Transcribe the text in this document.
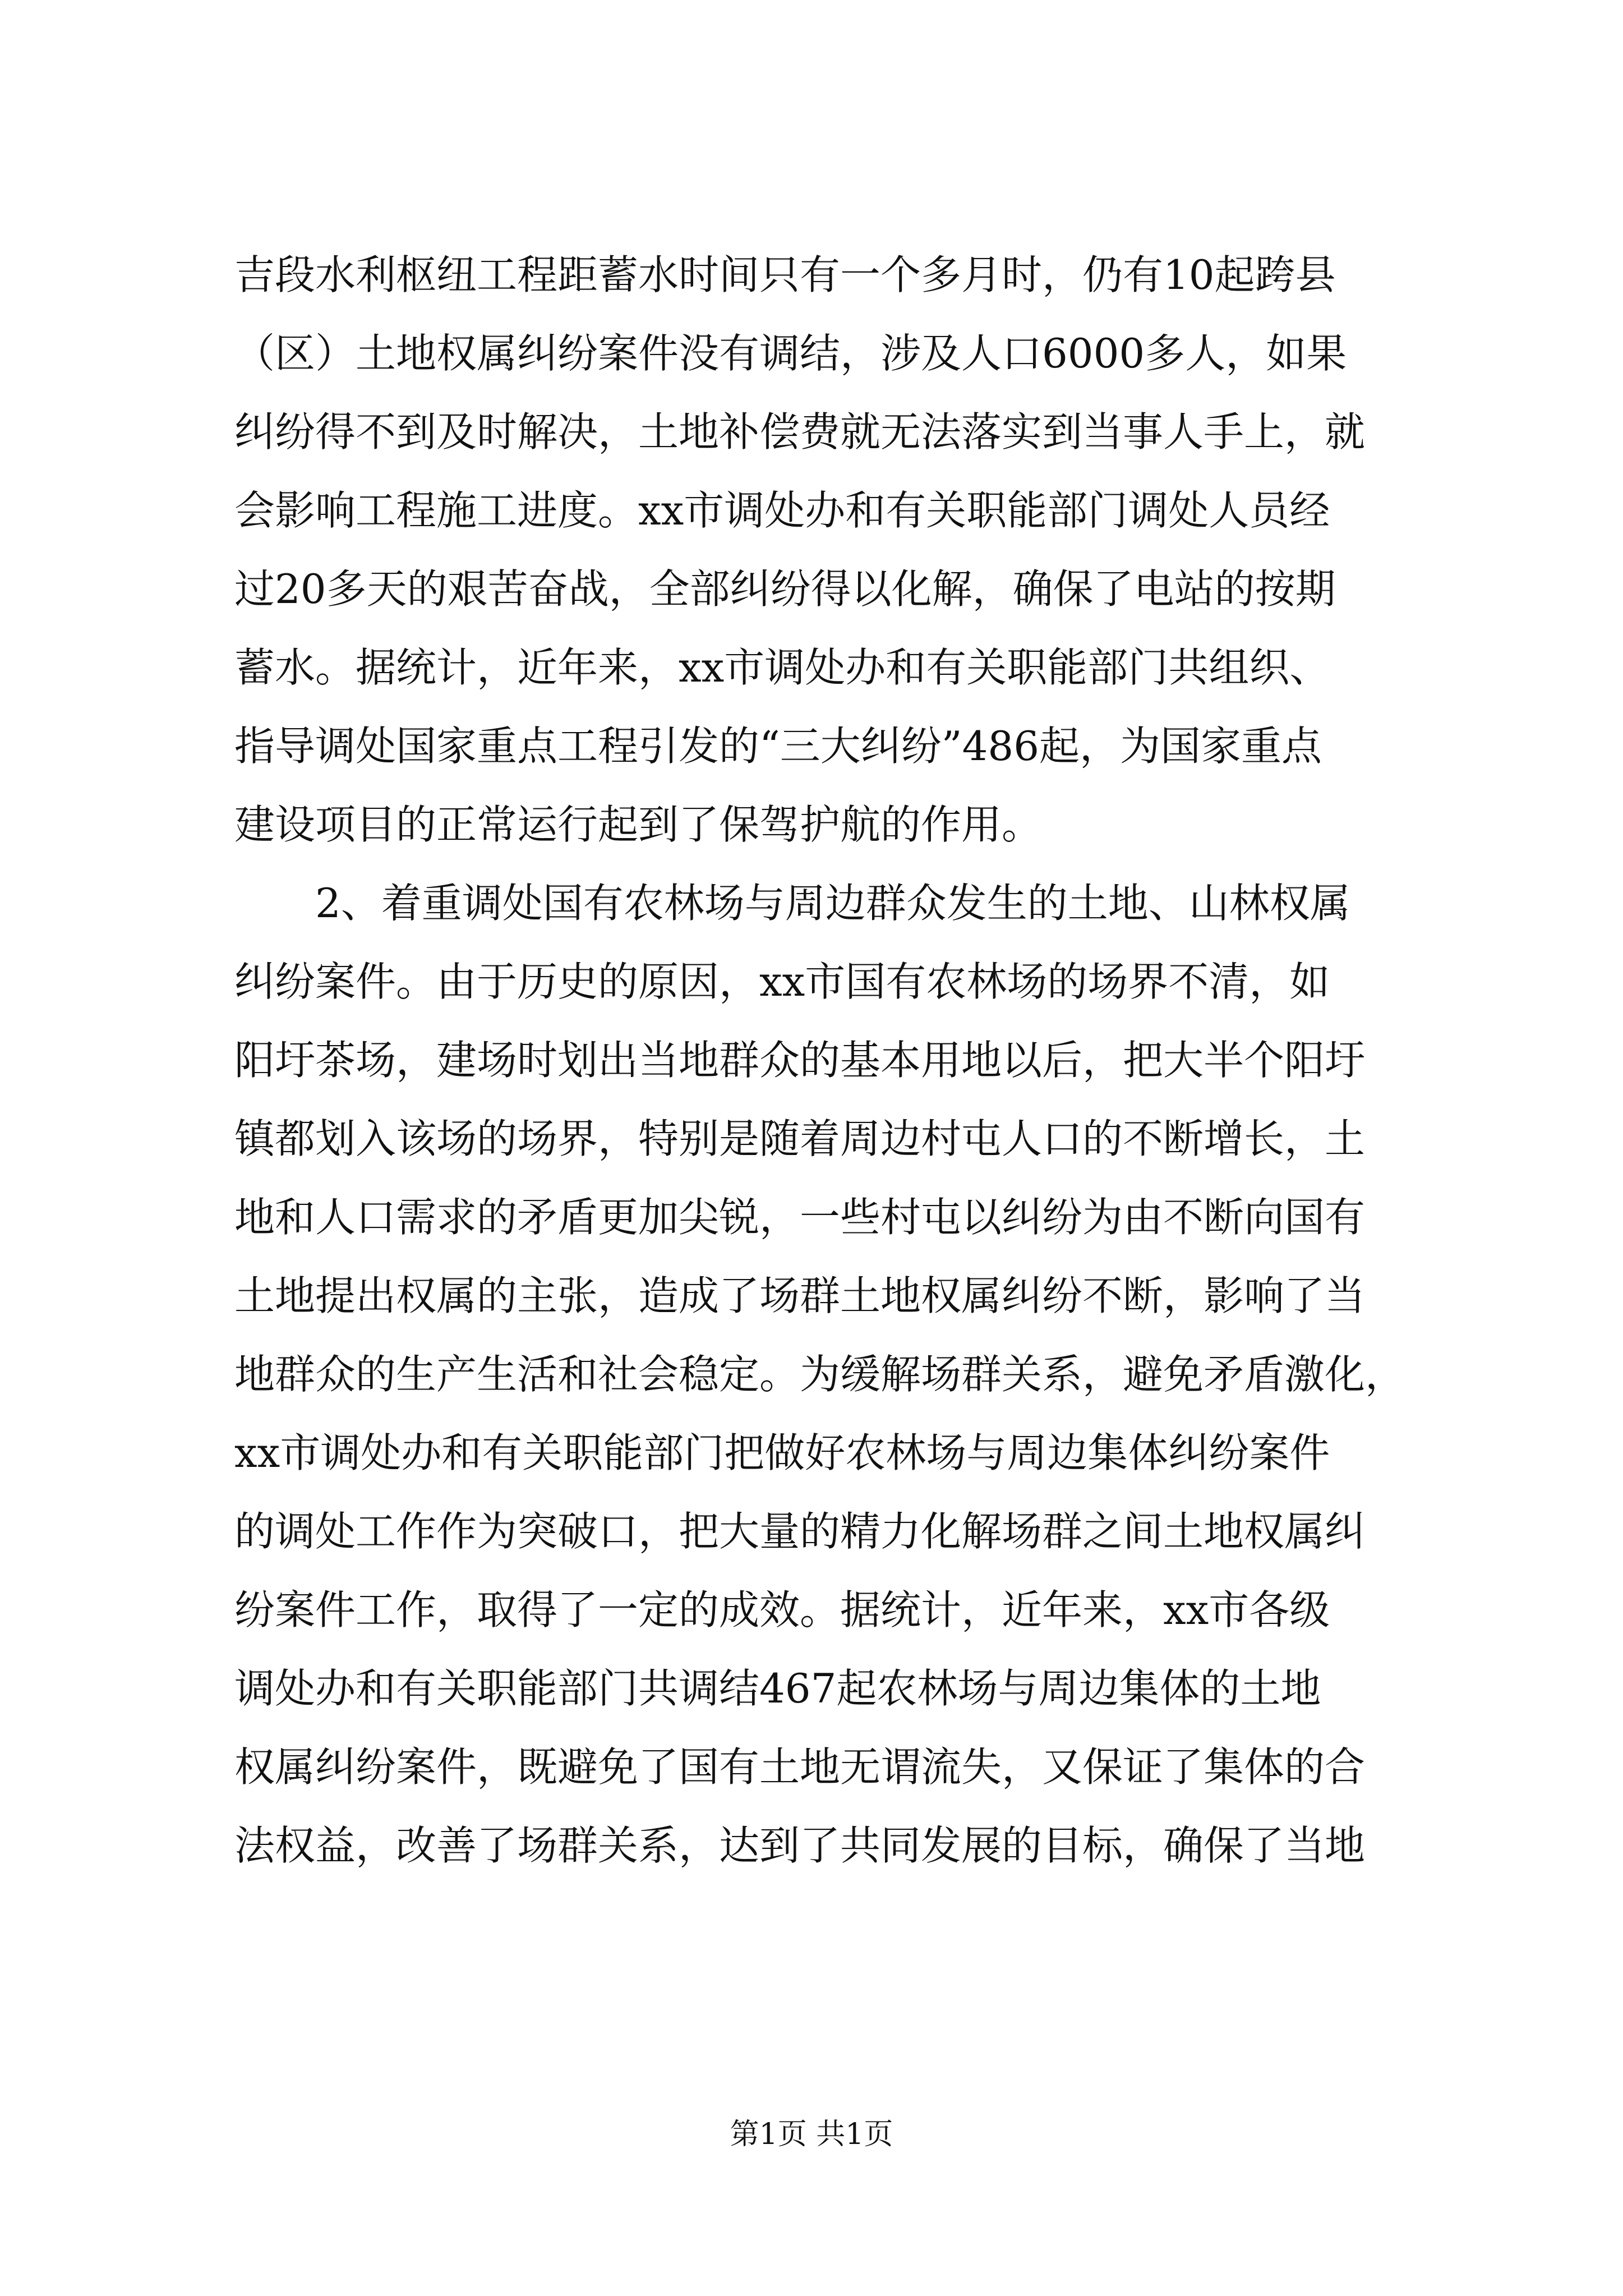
吉段水利枢纽工程距蓄水时间只有一个多月时，仍有10起跨县
（区）土地权属纠纷案件没有调结，涉及人口6000多人，如果
纠纷得不到及时解决，土地补偿费就无法落实到当事人手上，就
会影响工程施工进度。xx市调处办和有关职能部门调处人员经
过20多天的艰苦奋战，全部纠纷得以化解，确保了电站的按期
蓄水。据统计，近年来，xx市调处办和有关职能部门共组织、
指导调处国家重点工程引发的“三大纠纷”486起，为国家重点
建设项目的正常运行起到了保驾护航的作用。
　　2、着重调处国有农林场与周边群众发生的土地、山林权属
纠纷案件。由于历史的原因，xx市国有农林场的场界不清，如
阳圩茶场，建场时划出当地群众的基本用地以后，把大半个阳圩
镇都划入该场的场界，特别是随着周边村屯人口的不断增长，土
地和人口需求的矛盾更加尖锐，一些村屯以纠纷为由不断向国有
土地提出权属的主张，造成了场群土地权属纠纷不断，影响了当
地群众的生产生活和社会稳定。为缓解场群关系，避免矛盾激化，
xx市调处办和有关职能部门把做好农林场与周边集体纠纷案件
的调处工作作为突破口，把大量的精力化解场群之间土地权属纠
纷案件工作，取得了一定的成效。据统计，近年来，xx市各级
调处办和有关职能部门共调结467起农林场与周边集体的土地
权属纠纷案件，既避免了国有土地无谓流失，又保证了集体的合
法权益，改善了场群关系，达到了共同发展的目标，确保了当地
第1页 共1页
